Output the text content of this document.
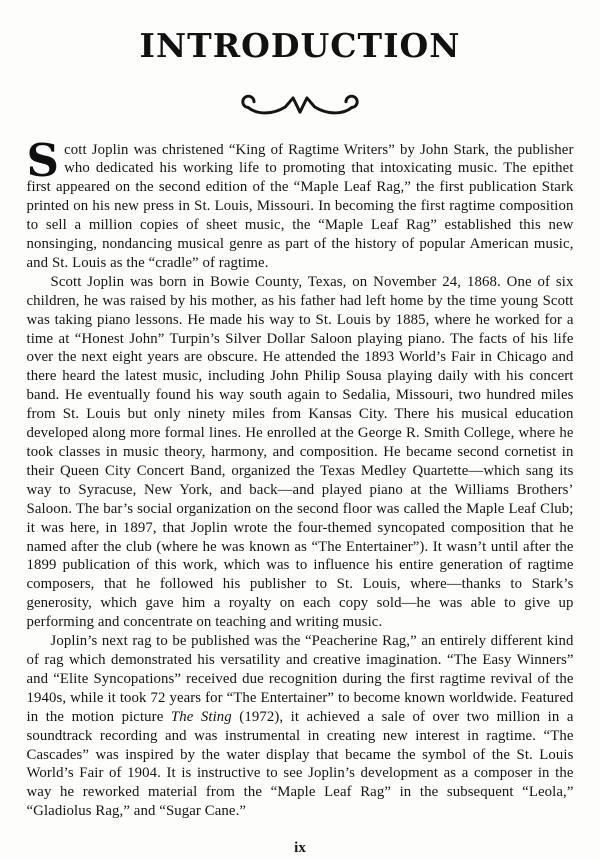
INTRODUCTION

Scott Joplin was christened “King of Ragtime Writers” by John Stark, the publisher who dedicated his working life to promoting that intoxicating music. The epithet first appeared on the second edition of the “Maple Leaf Rag,” the first publication Stark printed on his new press in St. Louis, Missouri. In becoming the first ragtime composition to sell a million copies of sheet music, the “Maple Leaf Rag” established this new nonsinging, nondancing musical genre as part of the history of popular American music, and St. Louis as the “cradle” of ragtime.

Scott Joplin was born in Bowie County, Texas, on November 24, 1868. One of six children, he was raised by his mother, as his father had left home by the time young Scott was taking piano lessons. He made his way to St. Louis by 1885, where he worked for a time at “Honest John” Turpin’s Silver Dollar Saloon playing piano. The facts of his life over the next eight years are obscure. He attended the 1893 World’s Fair in Chicago and there heard the latest music, including John Philip Sousa playing daily with his concert band. He eventually found his way south again to Sedalia, Missouri, two hundred miles from St. Louis but only ninety miles from Kansas City. There his musical education developed along more formal lines. He enrolled at the George R. Smith College, where he took classes in music theory, harmony, and composition. He became second cornetist in their Queen City Concert Band, organized the Texas Medley Quartette—which sang its way to Syracuse, New York, and back—and played piano at the Williams Brothers’ Saloon. The bar’s social organization on the second floor was called the Maple Leaf Club; it was here, in 1897, that Joplin wrote the four-themed syncopated composition that he named after the club (where he was known as “The Entertainer”). It wasn’t until after the 1899 publication of this work, which was to influence his entire generation of ragtime composers, that he followed his publisher to St. Louis, where—thanks to Stark’s generosity, which gave him a royalty on each copy sold—he was able to give up performing and concentrate on teaching and writing music.

Joplin’s next rag to be published was the “Peacherine Rag,” an entirely different kind of rag which demonstrated his versatility and creative imagination. “The Easy Winners” and “Elite Syncopations” received due recognition during the first ragtime revival of the 1940s, while it took 72 years for “The Entertainer” to become known worldwide. Featured in the motion picture The Sting (1972), it achieved a sale of over two million in a soundtrack recording and was instrumental in creating new interest in ragtime. “The Cascades” was inspired by the water display that became the symbol of the St. Louis World’s Fair of 1904. It is instructive to see Joplin’s development as a composer in the way he reworked material from the “Maple Leaf Rag” in the subsequent “Leola,” “Gladiolus Rag,” and “Sugar Cane.”

ix
